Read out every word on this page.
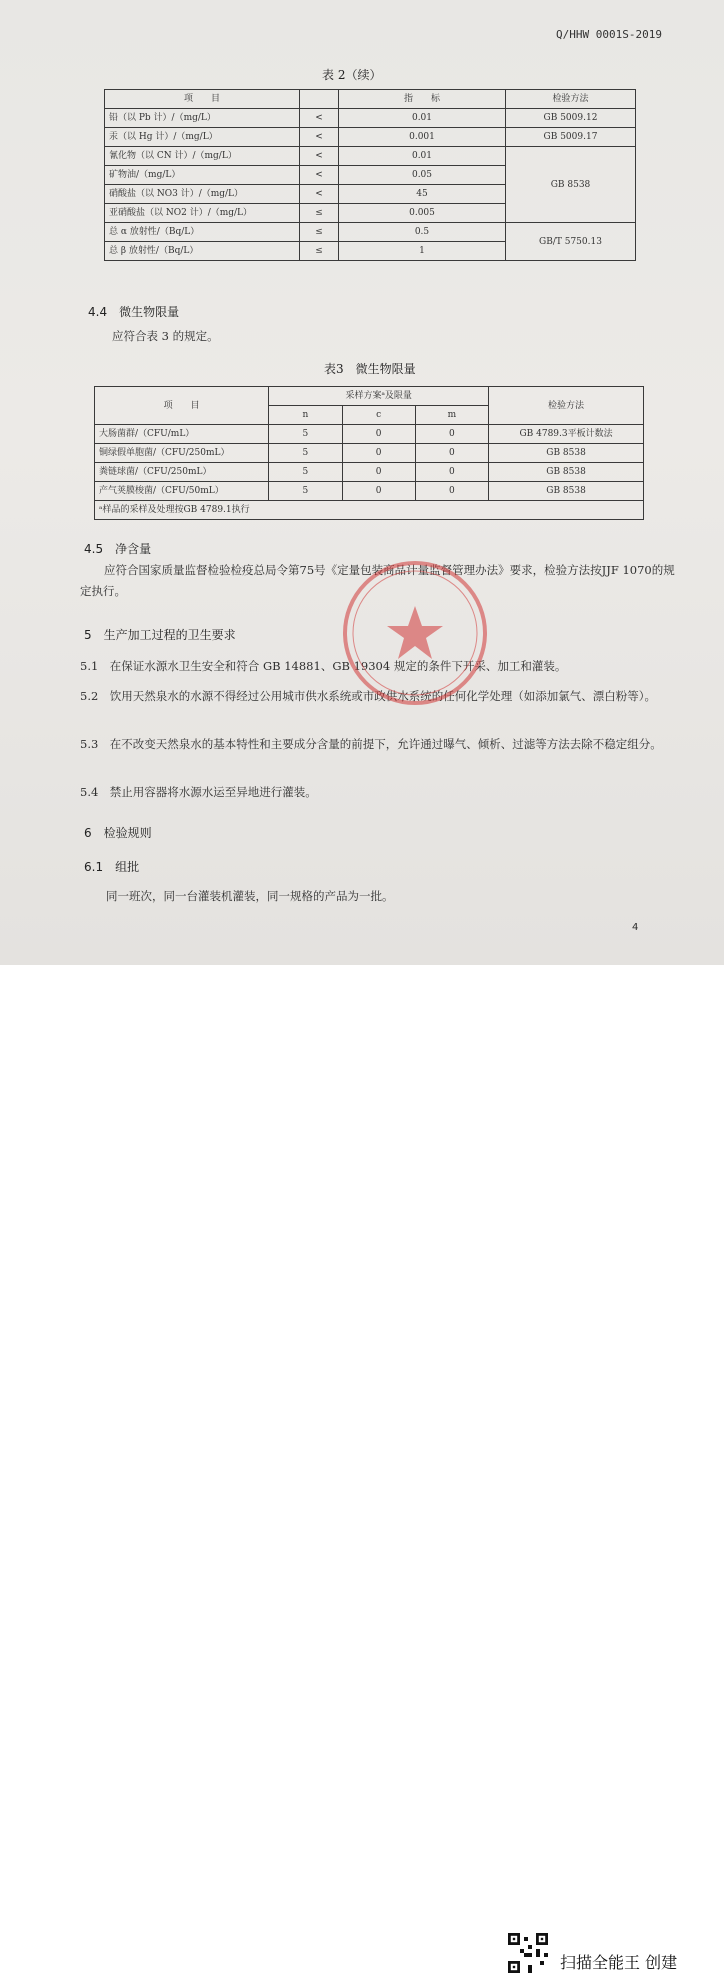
Q/HHW 0001S-2019
表 2（续）
项　　目		指　　标	检验方法
铅（以 Pb 计）/（mg/L）	<	0.01	GB 5009.12
汞（以 Hg 计）/（mg/L）	<	0.001	GB 5009.17
氰化物（以 CN 计）/（mg/L）	<	0.01	GB 8538
矿物油/（mg/L）	<	0.05	
硝酸盐（以 NO3 计）/（mg/L）	<	45	
亚硝酸盐（以 NO2 计）/（mg/L）	≤	0.005	
总 α 放射性/（Bq/L）	≤	0.5	GB/T 5750.13
总 β 放射性/（Bq/L）	≤	1	
4.4　微生物限量
应符合表 3 的规定。
表3　微生物限量
项　　目	采样方案ᵃ及限量			检验方法
	n	c	m	
大肠菌群/（CFU/mL）	5	0	0	GB 4789.3平板计数法
铜绿假单胞菌/（CFU/250mL）	5	0	0	GB 8538
粪链球菌/（CFU/250mL）	5	0	0	GB 8538
产气荚膜梭菌/（CFU/50mL）	5	0	0	GB 8538
ᵃ样品的采样及处理按GB 4789.1执行				
4.5　净含量
应符合国家质量监督检验检疫总局令第75号《定量包装商品计量监督管理办法》要求，检验方法按JJF 1070的规定执行。
5　生产加工过程的卫生要求
5.1　在保证水源水卫生安全和符合 GB 14881、GB 19304 规定的条件下开采、加工和灌装。
5.2　饮用天然泉水的水源不得经过公用城市供水系统或市政供水系统的任何化学处理（如添加氯气、漂白粉等）。
5.3　在不改变天然泉水的基本特性和主要成分含量的前提下，允许通过曝气、倾析、过滤等方法去除不稳定组分。
5.4　禁止用容器将水源水运至异地进行灌装。
6　检验规则
6.1　组批
同一班次，同一台灌装机灌装，同一规格的产品为一批。
4
扫描全能王 创建
